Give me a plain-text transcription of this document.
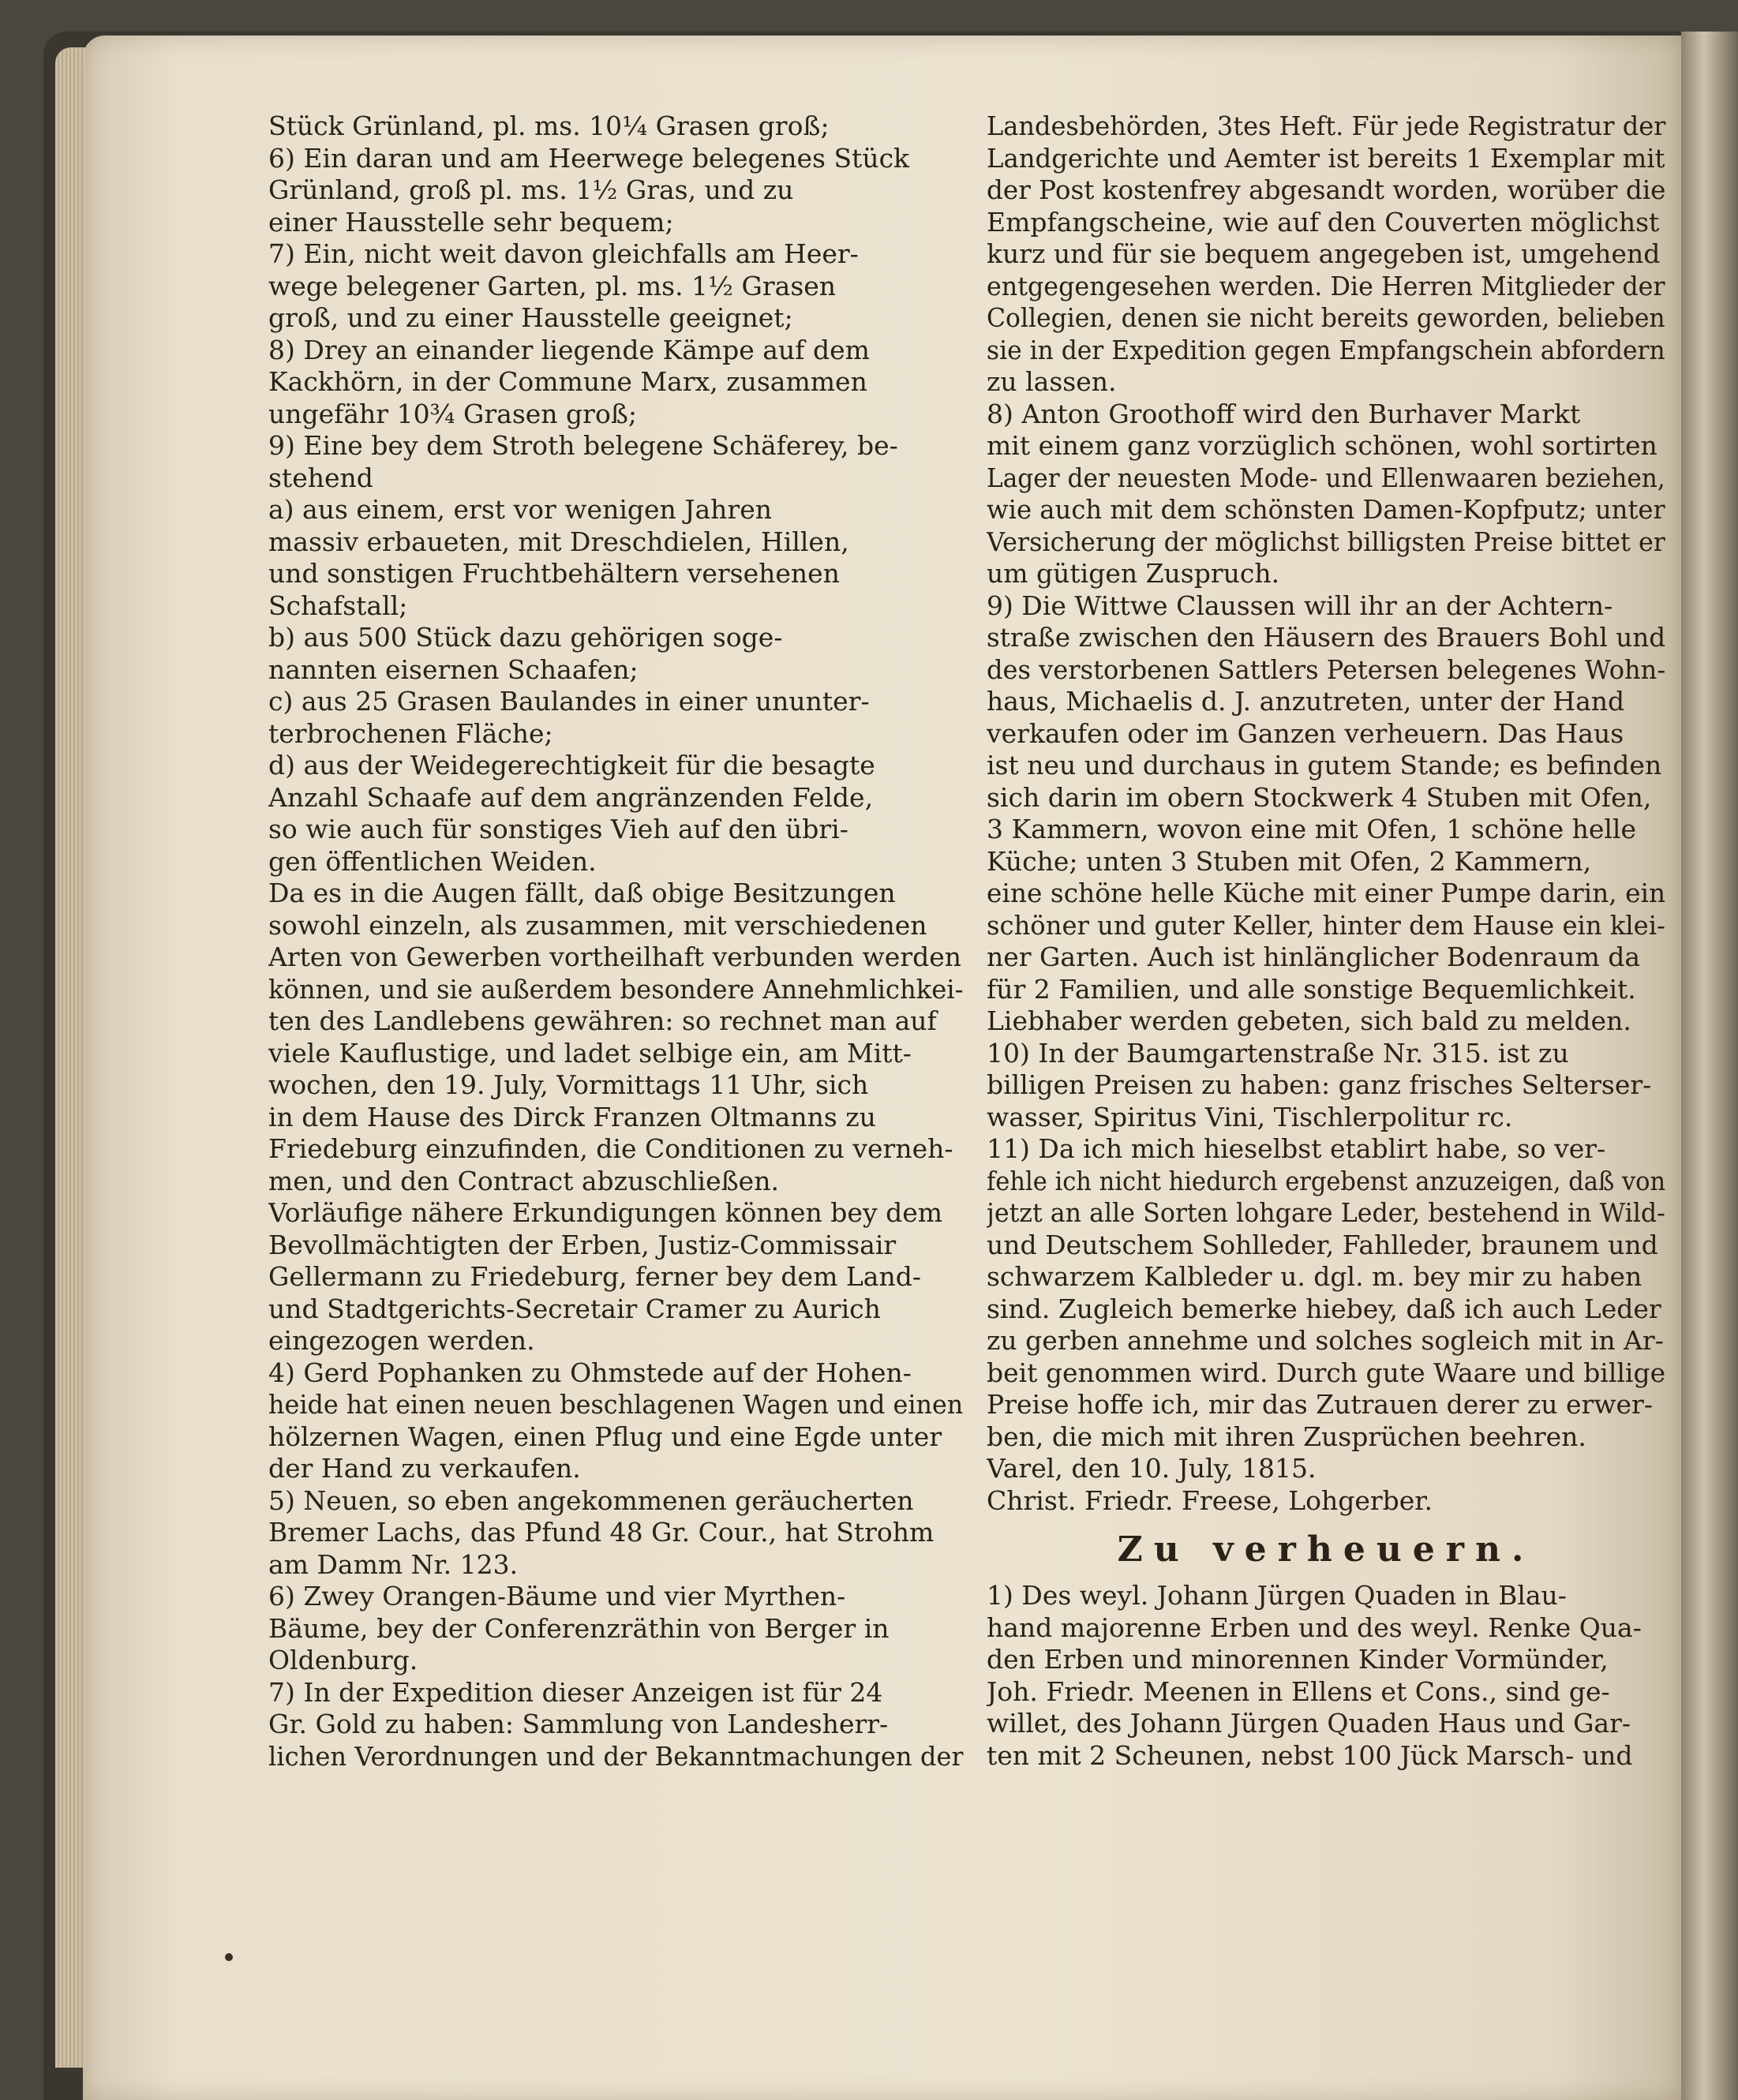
Stück Grünland, pl. ms. 10¼ Grasen groß;
6) Ein daran und am Heerwege belegenes Stück
Grünland, groß pl. ms. 1½ Gras, und zu
einer Hausstelle sehr bequem;
7) Ein, nicht weit davon gleichfalls am Heer-
wege belegener Garten, pl. ms. 1½ Grasen
groß, und zu einer Hausstelle geeignet;
8) Drey an einander liegende Kämpe auf dem
Kackhörn, in der Commune Marx, zusammen
ungefähr 10¾ Grasen groß;
9) Eine bey dem Stroth belegene Schäferey, be-
stehend
a) aus einem, erst vor wenigen Jahren
massiv erbaueten, mit Dreschdielen, Hillen,
und sonstigen Fruchtbehältern versehenen
Schafstall;
b) aus 500 Stück dazu gehörigen soge-
nannten eisernen Schaafen;
c) aus 25 Grasen Baulandes in einer ununter-
terbrochenen Fläche;
d) aus der Weidegerechtigkeit für die besagte
Anzahl Schaafe auf dem angränzenden Felde,
so wie auch für sonstiges Vieh auf den übri-
gen öffentlichen Weiden.
Da es in die Augen fällt, daß obige Besitzungen
sowohl einzeln, als zusammen, mit verschiedenen
Arten von Gewerben vortheilhaft verbunden werden
können, und sie außerdem besondere Annehmlichkei-
ten des Landlebens gewähren: so rechnet man auf
viele Kauflustige, und ladet selbige ein, am Mitt-
wochen, den 19. July, Vormittags 11 Uhr, sich
in dem Hause des Dirck Franzen Oltmanns zu
Friedeburg einzufinden, die Conditionen zu verneh-
men, und den Contract abzuschließen.
Vorläufige nähere Erkundigungen können bey dem
Bevollmächtigten der Erben, Justiz-Commissair
Gellermann zu Friedeburg, ferner bey dem Land-
und Stadtgerichts-Secretair Cramer zu Aurich
eingezogen werden.
4) Gerd Pophanken zu Ohmstede auf der Hohen-
heide hat einen neuen beschlagenen Wagen und einen
hölzernen Wagen, einen Pflug und eine Egde unter
der Hand zu verkaufen.
5) Neuen, so eben angekommenen geräucherten
Bremer Lachs, das Pfund 48 Gr. Cour., hat Strohm
am Damm Nr. 123.
6) Zwey Orangen-Bäume und vier Myrthen-
Bäume, bey der Conferenzräthin von Berger in
Oldenburg.
7) In der Expedition dieser Anzeigen ist für 24
Gr. Gold zu haben: Sammlung von Landesherr-
lichen Verordnungen und der Bekanntmachungen der
Landesbehörden, 3tes Heft. Für jede Registratur der
Landgerichte und Aemter ist bereits 1 Exemplar mit
der Post kostenfrey abgesandt worden, worüber die
Empfangscheine, wie auf den Couverten möglichst
kurz und für sie bequem angegeben ist, umgehend
entgegengesehen werden. Die Herren Mitglieder der
Collegien, denen sie nicht bereits geworden, belieben
sie in der Expedition gegen Empfangschein abfordern
zu lassen.
8) Anton Groothoff wird den Burhaver Markt
mit einem ganz vorzüglich schönen, wohl sortirten
Lager der neuesten Mode- und Ellenwaaren beziehen,
wie auch mit dem schönsten Damen-Kopfputz; unter
Versicherung der möglichst billigsten Preise bittet er
um gütigen Zuspruch.
9) Die Wittwe Claussen will ihr an der Achtern-
straße zwischen den Häusern des Brauers Bohl und
des verstorbenen Sattlers Petersen belegenes Wohn-
haus, Michaelis d. J. anzutreten, unter der Hand
verkaufen oder im Ganzen verheuern. Das Haus
ist neu und durchaus in gutem Stande; es befinden
sich darin im obern Stockwerk 4 Stuben mit Ofen,
3 Kammern, wovon eine mit Ofen, 1 schöne helle
Küche; unten 3 Stuben mit Ofen, 2 Kammern,
eine schöne helle Küche mit einer Pumpe darin, ein
schöner und guter Keller, hinter dem Hause ein klei-
ner Garten. Auch ist hinlänglicher Bodenraum da
für 2 Familien, und alle sonstige Bequemlichkeit.
Liebhaber werden gebeten, sich bald zu melden.
10) In der Baumgartenstraße Nr. 315. ist zu
billigen Preisen zu haben: ganz frisches Selterser-
wasser, Spiritus Vini, Tischlerpolitur rc.
11) Da ich mich hieselbst etablirt habe, so ver-
fehle ich nicht hiedurch ergebenst anzuzeigen, daß von
jetzt an alle Sorten lohgare Leder, bestehend in Wild-
und Deutschem Sohlleder, Fahlleder, braunem und
schwarzem Kalbleder u. dgl. m. bey mir zu haben
sind. Zugleich bemerke hiebey, daß ich auch Leder
zu gerben annehme und solches sogleich mit in Ar-
beit genommen wird. Durch gute Waare und billige
Preise hoffe ich, mir das Zutrauen derer zu erwer-
ben, die mich mit ihren Zusprüchen beehren.
Varel, den 10. July, 1815.
Christ. Friedr. Freese, Lohgerber.
Zu verheuern.
1) Des weyl. Johann Jürgen Quaden in Blau-
hand majorenne Erben und des weyl. Renke Qua-
den Erben und minorennen Kinder Vormünder,
Joh. Friedr. Meenen in Ellens et Cons., sind ge-
willet, des Johann Jürgen Quaden Haus und Gar-
ten mit 2 Scheunen, nebst 100 Jück Marsch- und
